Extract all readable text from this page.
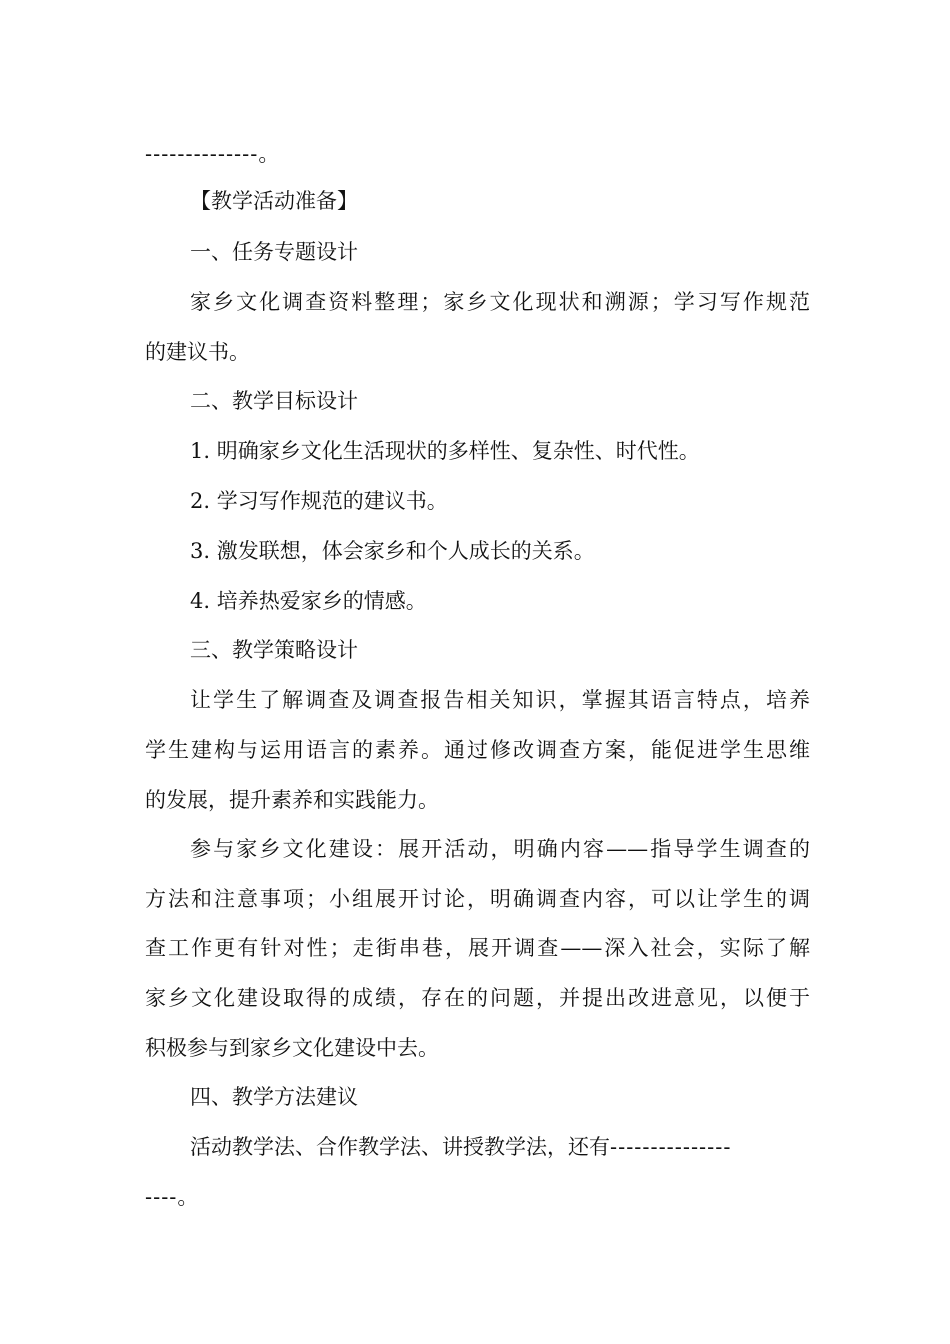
--------------。
【教学活动准备】
一、任务专题设计
家乡文化调查资料整理；家乡文化现状和溯源；学习写作规范
的建议书。
二、教学目标设计
1. 明确家乡文化生活现状的多样性、复杂性、时代性。
2. 学习写作规范的建议书。
3. 激发联想，体会家乡和个人成长的关系。
4. 培养热爱家乡的情感。
三、教学策略设计
让学生了解调查及调查报告相关知识，掌握其语言特点，培养
学生建构与运用语言的素养。通过修改调查方案，能促进学生思维
的发展，提升素养和实践能力。
参与家乡文化建设：展开活动，明确内容——指导学生调查的
方法和注意事项；小组展开讨论，明确调查内容，可以让学生的调
查工作更有针对性；走街串巷，展开调查——深入社会，实际了解
家乡文化建设取得的成绩，存在的问题，并提出改进意见，以便于
积极参与到家乡文化建设中去。
四、教学方法建议
活动教学法、合作教学法、讲授教学法，还有---------------
----。
